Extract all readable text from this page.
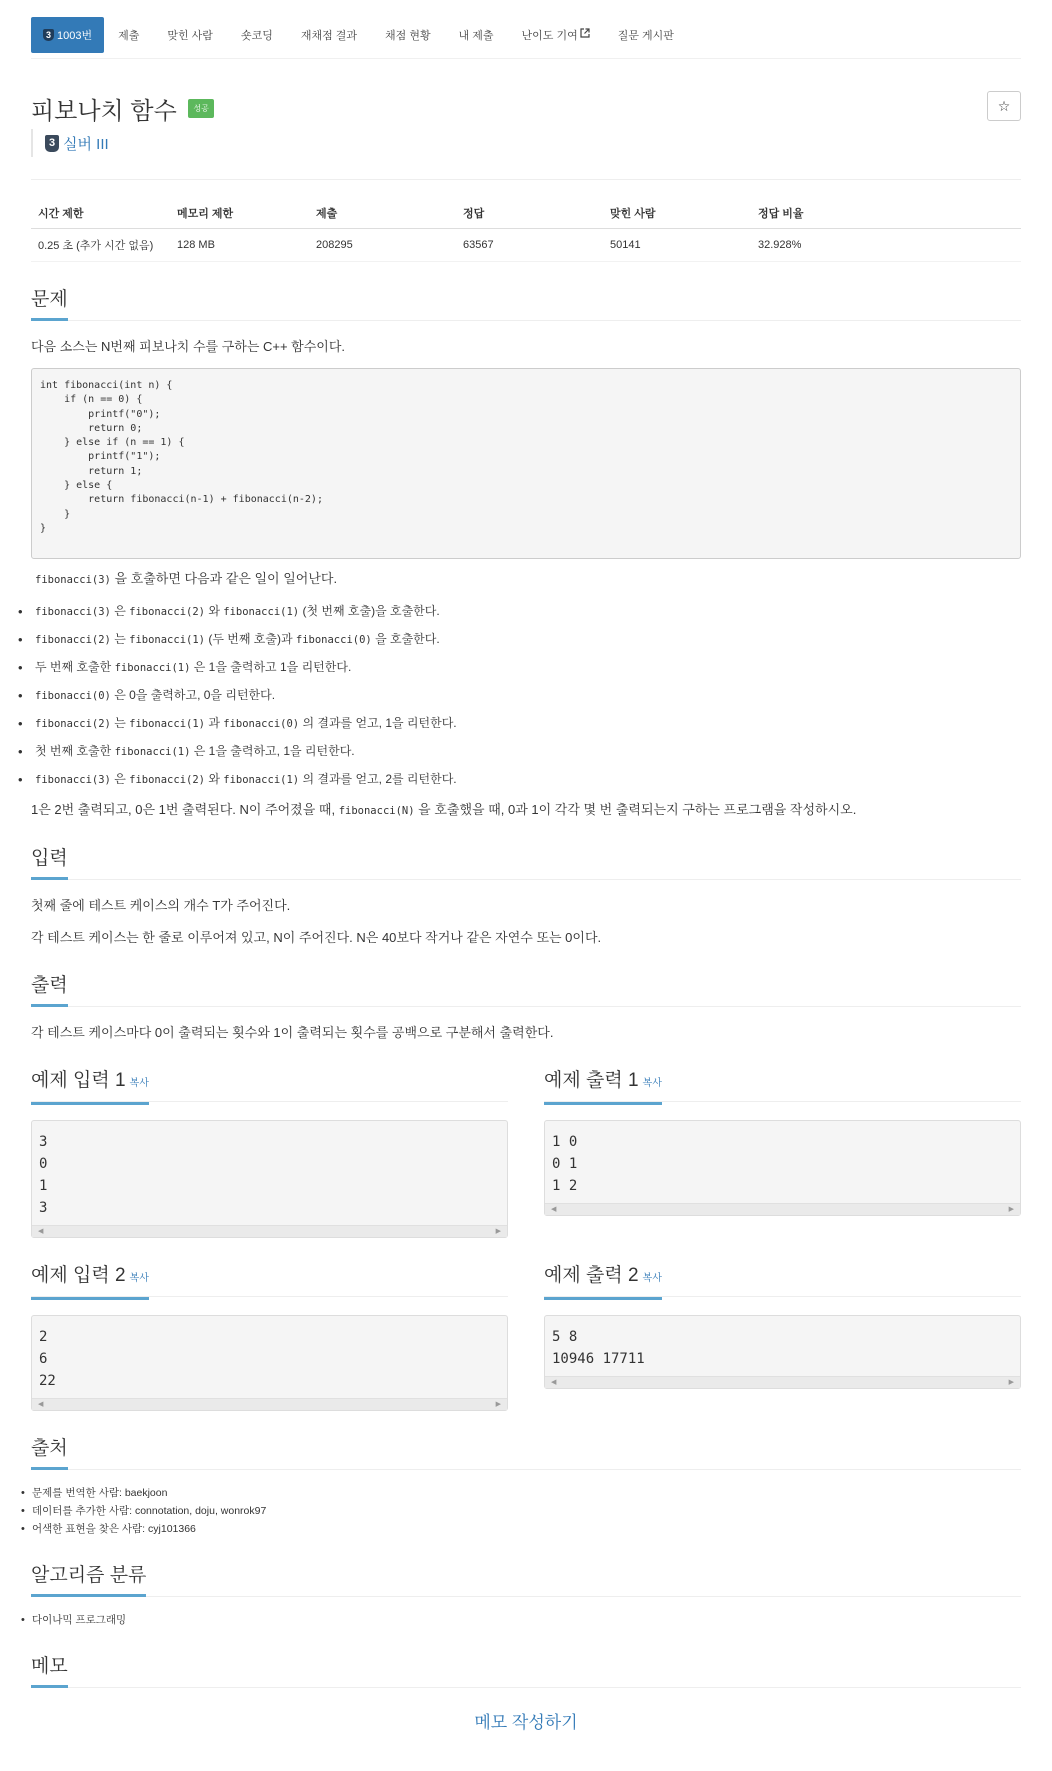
3 1003번	제출	맞힌 사람	숏코딩	재채점 결과	채점 현황	내 제출	난이도 기여	질문 게시판
피보나치 함수 성공	☆
3 실버 III
시간 제한	메모리 제한	제출	정답	맞힌 사람	정답 비율
0.25 초 (추가 시간 없음)	128 MB	208295	63567	50141	32.928%
문제

다음 소스는 N번째 피보나치 수를 구하는 C++ 함수이다.

int fibonacci(int n) {
if (n == 0) {
printf("0");
return 0;
} else if (n == 1) {
printf("1");
return 1;
} else {
return fibonacci(n‐1) + fibonacci(n‐2);
}
}

fibonacci(3) 을 호출하면 다음과 같은 일이 일어난다.

• fibonacci(3) 은 fibonacci(2) 와 fibonacci(1) (첫 번째 호출)을 호출한다.
• fibonacci(2) 는 fibonacci(1) (두 번째 호출)과 fibonacci(0) 을 호출한다.
• 두 번째 호출한 fibonacci(1) 은 1을 출력하고 1을 리턴한다.
• fibonacci(0) 은 0을 출력하고, 0을 리턴한다.
• fibonacci(2) 는 fibonacci(1) 과 fibonacci(0) 의 결과를 얻고, 1을 리턴한다.
• 첫 번째 호출한 fibonacci(1) 은 1을 출력하고, 1을 리턴한다.
• fibonacci(3) 은 fibonacci(2) 와 fibonacci(1) 의 결과를 얻고, 2를 리턴한다.

1은 2번 출력되고, 0은 1번 출력된다. N이 주어졌을 때, fibonacci(N) 을 호출했을 때, 0과 1이 각각 몇 번 출력되는지 구하는 프로그램을 작성하시오.

입력

첫째 줄에 테스트 케이스의 개수 T가 주어진다.

각 테스트 케이스는 한 줄로 이루어져 있고, N이 주어진다. N은 40보다 작거나 같은 자연수 또는 0이다.

출력

각 테스트 케이스마다 0이 출력되는 횟수와 1이 출력되는 횟수를 공백으로 구분해서 출력한다.

예제 입력 1 복사
3
0
1
3
◀	▶
예제 출력 1 복사
1 0
0 1
1 2
◀	▶
예제 입력 2 복사
2
6
22
◀	▶
예제 출력 2 복사
5 8
10946 17711
◀	▶
출처
• 문제를 번역한 사람: baekjoon
• 데이터를 추가한 사람: connotation, doju, wonrok97
• 어색한 표현을 찾은 사람: cyj101366
알고리즘 분류
• 다이나믹 프로그래밍
메모
메모 작성하기
